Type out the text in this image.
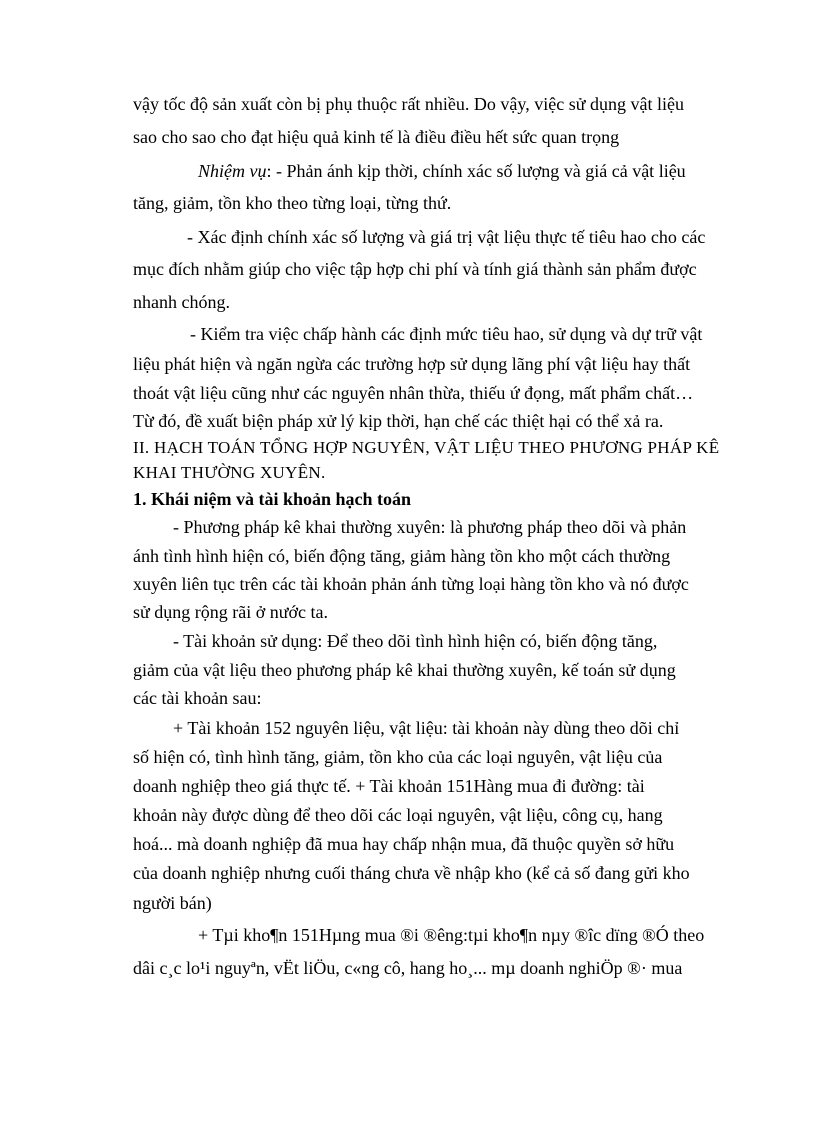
vậy tốc độ sản xuất còn bị phụ thuộc rất nhiều. Do vậy, việc sử dụng vật liệu

sao cho sao cho đạt hiệu quả kinh tế là điều điều hết sức quan trọng

Nhiệm vụ: - Phản ánh kịp thời, chính xác số lượng và giá cả vật liệu

tăng, giảm, tồn kho theo từng loại, từng thứ.

- Xác định chính xác số lượng và giá trị vật liệu thực tế tiêu hao cho các

mục đích nhằm giúp cho việc tập hợp chi phí và tính giá thành sản phẩm được

nhanh chóng.

- Kiểm tra việc chấp hành các định mức tiêu hao, sử dụng và dự trữ vật

liệu phát hiện và ngăn ngừa các trường hợp sử dụng lãng phí vật liệu hay thất

thoát vật liệu cũng như các nguyên nhân thừa, thiếu ứ đọng, mất phẩm chất…

Từ đó, đề xuất biện pháp xử lý kịp thời, hạn chế các thiệt hại có thể xả ra.

II. HẠCH TOÁN TỔNG HỢP NGUYÊN, VẬT LIỆU THEO PHƯƠNG PHÁP KÊ

KHAI THƯỜNG XUYÊN.

1. Khái niệm và tài khoản hạch toán

- Phương pháp kê khai thường xuyên: là phương pháp theo dõi và phản

ánh tình hình hiện có, biến động tăng, giảm hàng tồn kho một cách thường

xuyên liên tục trên các tài khoản phản ánh từng loại hàng tồn kho và nó được

sử dụng rộng rãi ở nước ta.

- Tài khoản sử dụng: Để theo dõi tình hình hiện có, biến động tăng,

giảm của vật liệu theo phương pháp kê khai thường xuyên, kế toán sử dụng

các tài khoản sau:

+ Tài khoản 152 nguyên liệu, vật liệu: tài khoản này dùng theo dõi chỉ

số hiện có, tình hình tăng, giảm, tồn kho của các loại nguyên, vật liệu của

doanh nghiệp theo giá thực tế. + Tài khoản 151Hàng mua đi đường: tài

khoản này được dùng để theo dõi các loại nguyên, vật liệu, công cụ, hang

hoá... mà doanh nghiệp đã mua hay chấp nhận mua, đã thuộc quyền sở hữu

của doanh nghiệp nhưng cuối tháng chưa về nhập kho (kể cả số đang gửi kho

người bán)

+ Tµi kho¶n 151Hµng mua ®i ®êng:tµi kho¶n nµy ®îc dïng ®Ó theo

dâi c¸c lo¹i nguyªn, vËt liÖu, c«ng cô, hang ho¸... mµ doanh nghiÖp ®· mua
